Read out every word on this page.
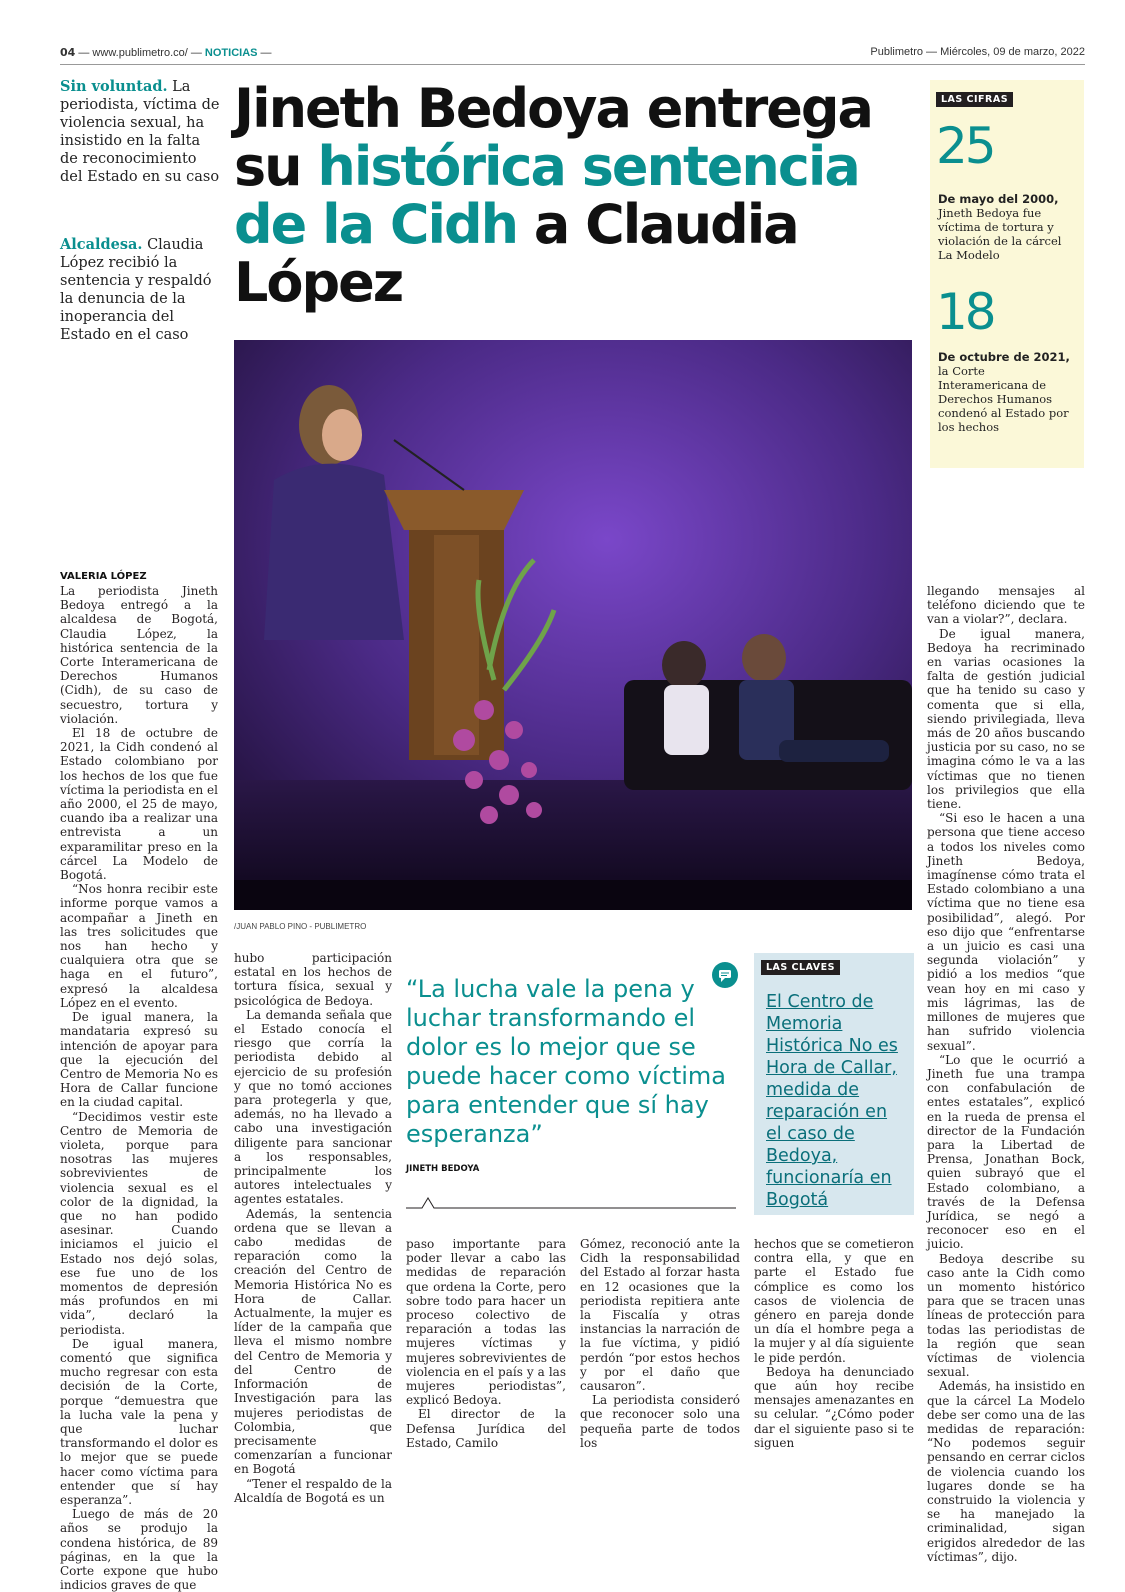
04 — www.publimetro.co/ — NOTICIAS —	Publimetro — Miércoles, 09 de marzo, 2022
Sin voluntad. La periodista, víctima de violencia sexual, ha insistido en la falta de reconocimiento del Estado en su caso
Alcaldesa. Claudia López recibió la sentencia y respaldó la denuncia de la inoperancia del Estado en el caso
Jineth Bedoya entrega su histórica sentencia de la Cidh a Claudia López
LAS CIFRAS
25
De mayo del 2000, Jineth Bedoya fue víctima de tortura y violación de la cárcel La Modelo
18
De octubre de 2021, la Corte Interamericana de Derechos Humanos condenó al Estado por los hechos
/JUAN PABLO PINO - PUBLIMETRO
VALERIA LÓPEZ

La periodista Jineth Bedoya entregó a la alcaldesa de Bogotá, Claudia López, la histórica sentencia de la Corte Interamericana de Derechos Humanos (Cidh), de su caso de secuestro, tortura y violación.

El 18 de octubre de 2021, la Cidh condenó al Estado colombiano por los hechos de los que fue víctima la periodista en el año 2000, el 25 de mayo, cuando iba a realizar una entrevista a un exparamilitar preso en la cárcel La Modelo de Bogotá.

“Nos honra recibir este informe porque vamos a acompañar a Jineth en las tres solicitudes que nos han hecho y cualquiera otra que se haga en el futuro”, expresó la alcaldesa López en el evento.

De igual manera, la mandataria expresó su intención de apoyar para que la ejecución del Centro de Memoria No es Hora de Callar funcione en la ciudad capital.

“Decidimos vestir este Centro de Memoria de violeta, porque para nosotras las mujeres sobrevivientes de violencia sexual es el color de la dignidad, la que no han podido asesinar. Cuando iniciamos el juicio el Estado nos dejó solas, ese fue uno de los momentos de depresión más profundos en mi vida”, declaró la periodista.

De igual manera, comentó que significa mucho regresar con esta decisión de la Corte, porque “demuestra que la lucha vale la pena y que luchar transformando el dolor es lo mejor que se puede hacer como víctima para entender que sí hay esperanza”.

Luego de más de 20 años se produjo la condena histórica, de 89 páginas, en la que la Corte expone que hubo indicios graves de que

hubo participación estatal en los hechos de tortura física, sexual y psicológica de Bedoya.

La demanda señala que el Estado conocía el riesgo que corría la periodista debido al ejercicio de su profesión y que no tomó acciones para protegerla y que, además, no ha llevado a cabo una investigación diligente para sancionar a los responsables, principalmente los autores intelectuales y agentes estatales.

Además, la sentencia ordena que se llevan a cabo medidas de reparación como la creación del Centro de Memoria Histórica No es Hora de Callar. Actualmente, la mujer es líder de la campaña que lleva el mismo nombre del Centro de Memoria y del Centro de Información de Investigación para las mujeres periodistas de Colombia, que precisamente comenzarían a funcionar en Bogotá

“Tener el respaldo de la Alcaldía de Bogotá es un

“La lucha vale la pena y luchar transformando el dolor es lo mejor que se puede hacer como víctima para entender que sí hay esperanza”
JINETH BEDOYA
LAS CLAVES
El Centro de Memoria Histórica No es Hora de Callar, medida de reparación en el caso de Bedoya, funcionaría en Bogotá

paso importante para poder llevar a cabo las medidas de reparación que ordena la Corte, pero sobre todo para hacer un proceso colectivo de reparación a todas las mujeres víctimas y mujeres sobrevivientes de violencia en el país y a las mujeres periodistas”, explicó Bedoya.

El director de la Defensa Jurídica del Estado, Camilo

Gómez, reconoció ante la Cidh la responsabilidad del Estado al forzar hasta en 12 ocasiones que la periodista repitiera ante la Fiscalía y otras instancias la narración de la fue víctima, y pidió perdón “por estos hechos y por el daño que causaron”.

La periodista consideró que reconocer solo una pequeña parte de todos los

hechos que se cometieron contra ella, y que en parte el Estado fue cómplice es como los casos de violencia de género en pareja donde un día el hombre pega a la mujer y al día siguiente le pide perdón.

Bedoya ha denunciado que aún hoy recibe mensajes amenazantes en su celular. “¿Cómo poder dar el siguiente paso si te siguen

llegando mensajes al teléfono diciendo que te van a violar?”, declara.

De igual manera, Bedoya ha recriminado en varias ocasiones la falta de gestión judicial que ha tenido su caso y comenta que si ella, siendo privilegiada, lleva más de 20 años buscando justicia por su caso, no se imagina cómo le va a las víctimas que no tienen los privilegios que ella tiene.

“Si eso le hacen a una persona que tiene acceso a todos los niveles como Jineth Bedoya, imagínense cómo trata el Estado colombiano a una víctima que no tiene esa posibilidad”, alegó. Por eso dijo que “enfrentarse a un juicio es casi una segunda violación” y pidió a los medios “que vean hoy en mi caso y mis lágrimas, las de millones de mujeres que han sufrido violencia sexual”.

“Lo que le ocurrió a Jineth fue una trampa con confabulación de entes estatales”, explicó en la rueda de prensa el director de la Fundación para la Libertad de Prensa, Jonathan Bock, quien subrayó que el Estado colombiano, a través de la Defensa Jurídica, se negó a reconocer eso en el juicio.

Bedoya describe su caso ante la Cidh como un momento histórico para que se tracen unas líneas de protección para todas las periodistas de la región que sean víctimas de violencia sexual.

Además, ha insistido en que la cárcel La Modelo debe ser como una de las medidas de reparación: “No podemos seguir pensando en cerrar ciclos de violencia cuando los lugares donde se ha construido la violencia y se ha manejado la criminalidad, sigan erigidos alrededor de las víctimas”, dijo.
